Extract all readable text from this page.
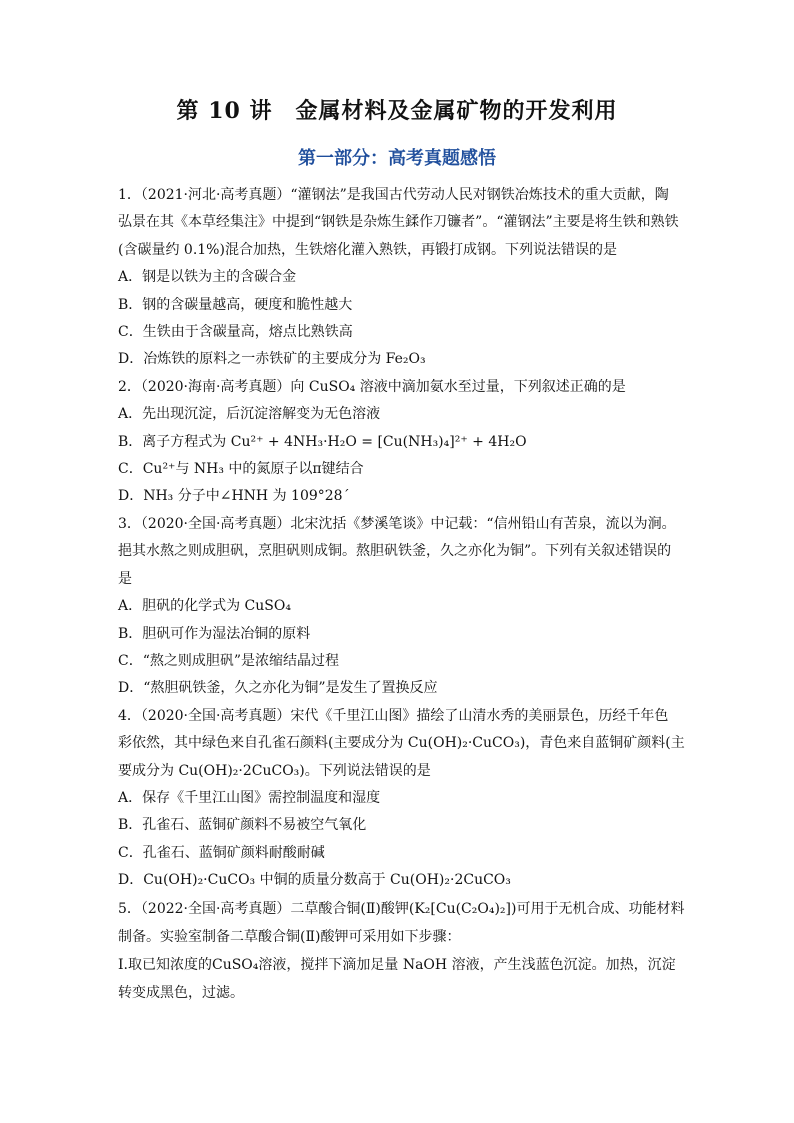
第 10 讲　金属材料及金属矿物的开发利用
第一部分：高考真题感悟
1．（2021·河北·高考真题）“灌钢法”是我国古代劳动人民对钢铁冶炼技术的重大贡献，陶
弘景在其《本草经集注》中提到“钢铁是杂炼生鍒作刀镰者”。“灌钢法”主要是将生铁和熟铁
(含碳量约 0.1%)混合加热，生铁熔化灌入熟铁，再锻打成钢。下列说法错误的是
A．钢是以铁为主的含碳合金
B．钢的含碳量越高，硬度和脆性越大
C．生铁由于含碳量高，熔点比熟铁高
D．冶炼铁的原料之一赤铁矿的主要成分为 Fe₂O₃
2．（2020·海南·高考真题）向 CuSO₄ 溶液中滴加氨水至过量，下列叙述正确的是
A．先出现沉淀，后沉淀溶解变为无色溶液
B．离子方程式为 Cu²⁺ + 4NH₃·H₂O = [Cu(NH₃)₄]²⁺ + 4H₂O
C．Cu²⁺与 NH₃ 中的氮原子以π键结合
D．NH₃ 分子中∠HNH 为 109°28´
3．（2020·全国·高考真题）北宋沈括《梦溪笔谈》中记载：“信州铅山有苦泉，流以为涧。
挹其水熬之则成胆矾，烹胆矾则成铜。熬胆矾铁釜，久之亦化为铜”。下列有关叙述错误的
是
A．胆矾的化学式为 CuSO₄
B．胆矾可作为湿法冶铜的原料
C．“熬之则成胆矾”是浓缩结晶过程
D．“熬胆矾铁釜，久之亦化为铜”是发生了置换反应
4．（2020·全国·高考真题）宋代《千里江山图》描绘了山清水秀的美丽景色，历经千年色
彩依然，其中绿色来自孔雀石颜料(主要成分为 Cu(OH)₂·CuCO₃)，青色来自蓝铜矿颜料(主
要成分为 Cu(OH)₂·2CuCO₃)。下列说法错误的是
A．保存《千里江山图》需控制温度和湿度
B．孔雀石、蓝铜矿颜料不易被空气氧化
C．孔雀石、蓝铜矿颜料耐酸耐碱
D．Cu(OH)₂·CuCO₃ 中铜的质量分数高于 Cu(OH)₂·2CuCO₃
5．（2022·全国·高考真题）二草酸合铜(Ⅱ)酸钾(K₂[Cu(C₂O₄)₂])可用于无机合成、功能材料
制备。实验室制备二草酸合铜(Ⅱ)酸钾可采用如下步骤：
Ⅰ.取已知浓度的CuSO₄溶液，搅拌下滴加足量 NaOH 溶液，产生浅蓝色沉淀。加热，沉淀
转变成黑色，过滤。
